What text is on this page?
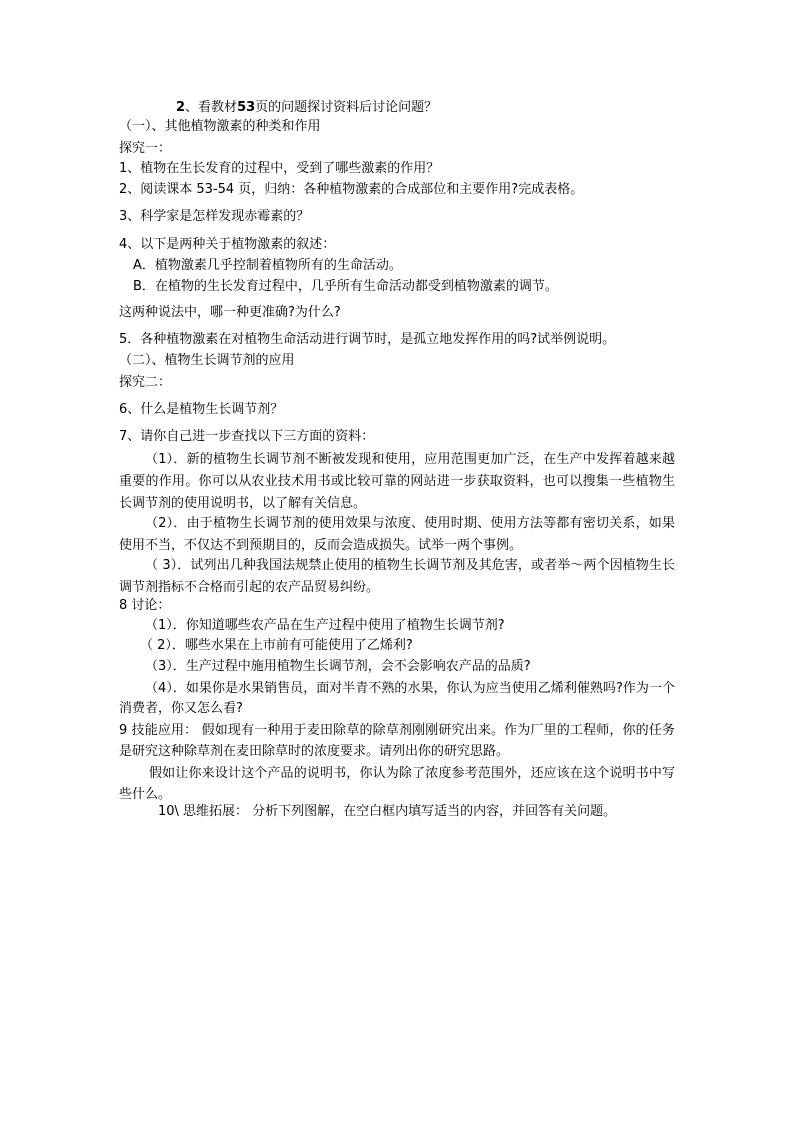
2、看教材53页的问题探讨资料后讨论问题？

（一）、其他植物激素的种类和作用

探究一：

1、植物在生长发育的过程中，受到了哪些激素的作用？

2、阅读课本 53-54 页，归纳：各种植物激素的合成部位和主要作用?完成表格。

3、科学家是怎样发现赤霉素的？

4、以下是两种关于植物激素的叙述：

A．植物激素几乎控制着植物所有的生命活动。

B．在植物的生长发育过程中，几乎所有生命活动都受到植物激素的调节。

这两种说法中，哪一种更准确?为什么?

5．各种植物激素在对植物生命活动进行调节时，是孤立地发挥作用的吗?试举例说明。

（二）、植物生长调节剂的应用

探究二：

6、什么是植物生长调节剂？

7、请你自己进一步查找以下三方面的资料：

（1）．新的植物生长调节剂不断被发现和使用，应用范围更加广泛，在生产中发挥着越来越重要的作用。你可以从农业技术用书或比较可靠的网站进一步获取资料，也可以搜集一些植物生长调节剂的使用说明书，以了解有关信息。

（2）．由于植物生长调节剂的使用效果与浓度、使用时期、使用方法等都有密切关系，如果使用不当，不仅达不到预期目的，反而会造成损失。试举一两个事例。

（ 3）．试列出几种我国法规禁止使用的植物生长调节剂及其危害，或者举～两个因植物生长调节剂指标不合格而引起的农产品贸易纠纷。

8 讨论：

（1）．你知道哪些农产品在生产过程中使用了植物生长调节剂?

（ 2）．哪些水果在上市前有可能使用了乙烯利?

（3）．生产过程中施用植物生长调节剂，会不会影响农产品的品质?

（4）．如果你是水果销售员，面对半青不熟的水果，你认为应当使用乙烯利催熟吗?作为一个消费者，你又怎么看?

9 技能应用： 假如现有一种用于麦田除草的除草剂刚刚研究出来。作为厂里的工程师，你的任务是研究这种除草剂在麦田除草时的浓度要求。请列出你的研究思路。

假如让你来设计这个产品的说明书，你认为除了浓度参考范围外，还应该在这个说明书中写些什么。

10\ 思维拓展： 分析下列图解，在空白框内填写适当的内容，并回答有关问题。
